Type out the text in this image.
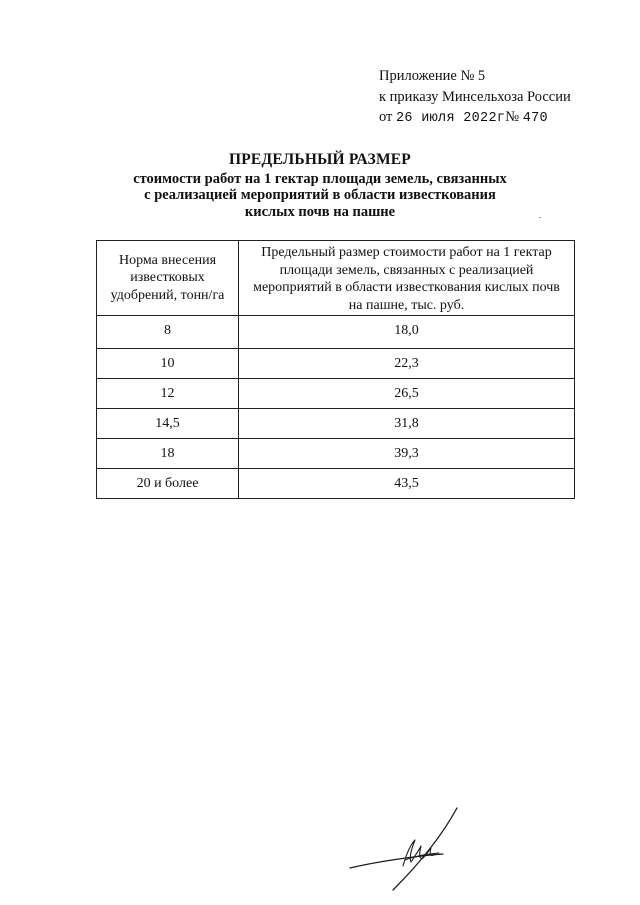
Приложение № 5
к приказу Минсельхоза России
от 26 июля 2022г№ 470
ПРЕДЕЛЬНЫЙ РАЗМЕР
стоимости работ на 1 гектар площади земель, связанных
с реализацией мероприятий в области известкования
кислых почв на пашне
Норма внесения известковых удобрений, тонн/га	Предельный размер стоимости работ на 1 гектар площади земель, связанных с реализацией мероприятий в области известкования кислых почв на пашне, тыс. руб.
8	18,0
10	22,3
12	26,5
14,5	31,8
18	39,3
20 и более	43,5
